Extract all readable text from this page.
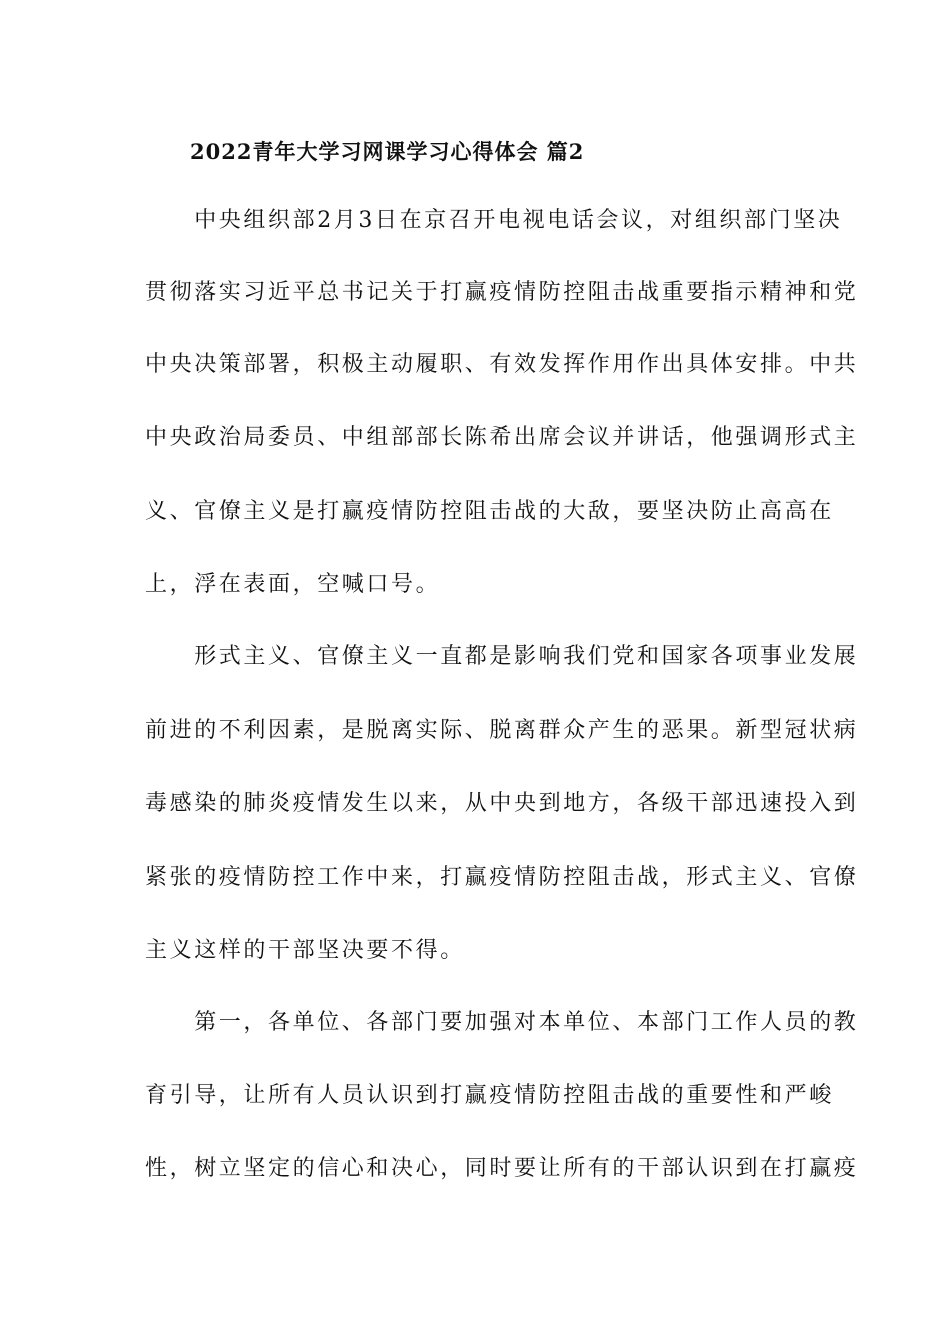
2022青年大学习网课学习心得体会 篇2

　　中央组织部2月3日在京召开电视电话会议，对组织部门坚决

贯彻落实习近平总书记关于打赢疫情防控阻击战重要指示精神和党

中央决策部署，积极主动履职、有效发挥作用作出具体安排。中共

中央政治局委员、中组部部长陈希出席会议并讲话，他强调形式主

义、官僚主义是打赢疫情防控阻击战的大敌，要坚决防止高高在

上，浮在表面，空喊口号。

　　形式主义、官僚主义一直都是影响我们党和国家各项事业发展

前进的不利因素，是脱离实际、脱离群众产生的恶果。新型冠状病

毒感染的肺炎疫情发生以来，从中央到地方，各级干部迅速投入到

紧张的疫情防控工作中来，打赢疫情防控阻击战，形式主义、官僚

主义这样的干部坚决要不得。

　　第一，各单位、各部门要加强对本单位、本部门工作人员的教

育引导，让所有人员认识到打赢疫情防控阻击战的重要性和严峻

性，树立坚定的信心和决心，同时要让所有的干部认识到在打赢疫
